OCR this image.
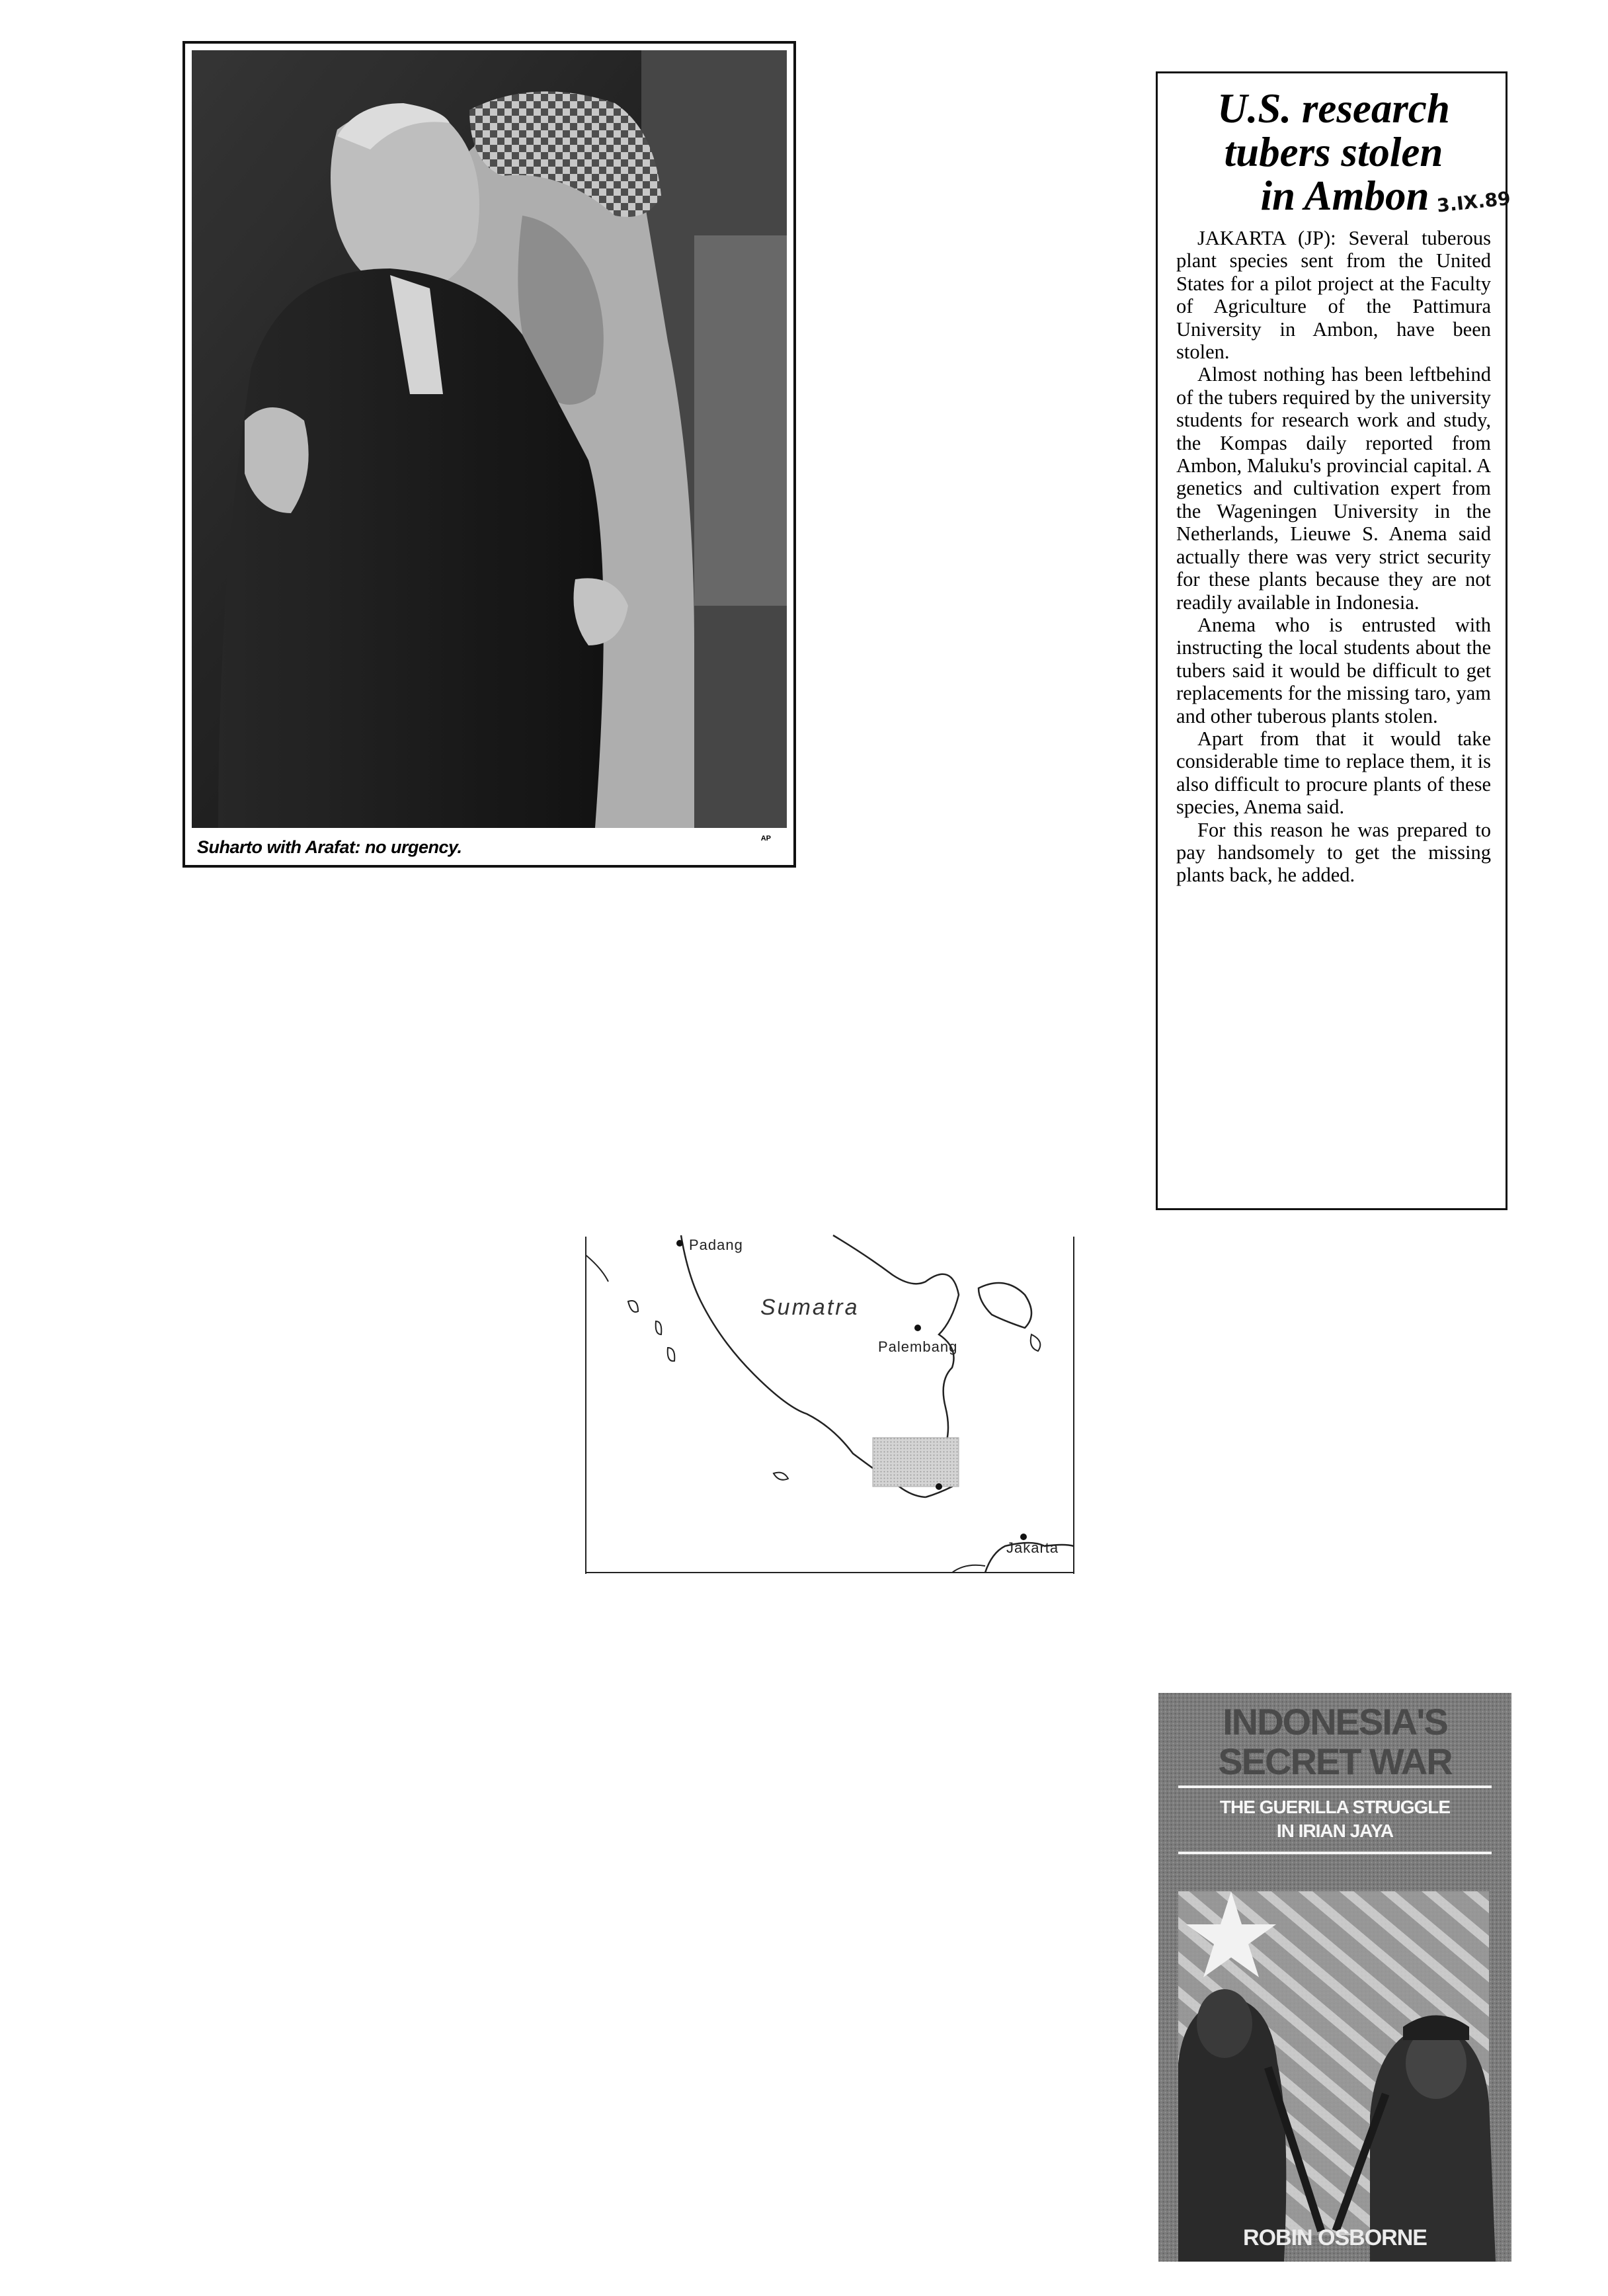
Suharto with Arafat: no urgency.	AP
U.S. research
tubers stolen
in Ambon 3.IX.89

JAKARTA (JP): Several tuberous plant species sent from the United States for a pilot project at the Faculty of Agriculture of the Pattimura University in Ambon, have been stolen.

Almost nothing has been leftbehind of the tubers required by the university students for research work and study, the Kompas daily reported from Ambon, Maluku's provincial capital. A genetics and cultivation expert from the Wageningen University in the Netherlands, Lieuwe S. Anema said actually there was very strict security for these plants because they are not readily available in Indonesia.

Anema who is entrusted with instructing the local students about the tubers said it would be difficult to get replacements for the missing taro, yam and other tuberous plants stolen.

Apart from that it would take considerable time to replace them, it is also difficult to procure plants of these species, Anema said.

For this reason he was prepared to pay handsomely to get the missing plants back, he added.

Padang
Sumatra
Palembang
Jakarta
INDONESIA'S
SECRET WAR
THE GUERILLA STRUGGLE
IN IRIAN JAYA
ROBIN OSBORNE
